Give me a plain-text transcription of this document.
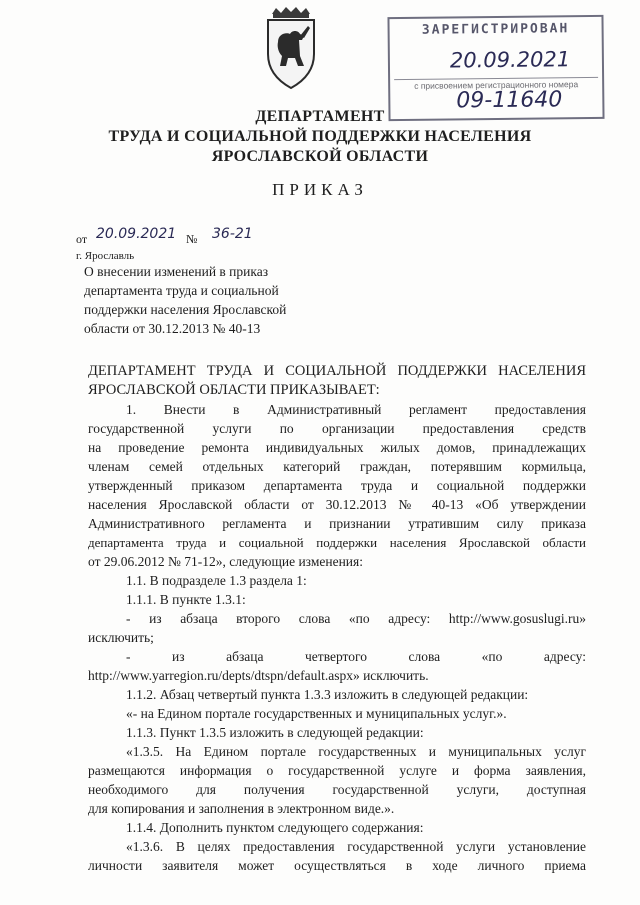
ЗАРЕГИСТРИРОВАН
20.09.2021
с присвоением регистрационного номера
09-11640
ДЕПАРТАМЕНТ
ТРУДА И СОЦИАЛЬНОЙ ПОДДЕРЖКИ НАСЕЛЕНИЯ
ЯРОСЛАВСКОЙ ОБЛАСТИ
ПРИКАЗ
от 20.09.2021 № 36-21
г. Ярославль
О внесении изменений в приказ
департамента труда и социальной
поддержки населения Ярославской
области от 30.12.2013 № 40-13
ДЕПАРТАМЕНТ ТРУДА И СОЦИАЛЬНОЙ ПОДДЕРЖКИ НАСЕЛЕНИЯ
ЯРОСЛАВСКОЙ ОБЛАСТИ ПРИКАЗЫВАЕТ:
1. Внести в Административный регламент предоставления
государственной услуги по организации предоставления средств
на проведение ремонта индивидуальных жилых домов, принадлежащих
членам семей отдельных категорий граждан, потерявшим кормильца,
утвержденный приказом департамента труда и социальной поддержки
населения Ярославской области от 30.12.2013 № 40-13 «Об утверждении
Административного регламента и признании утратившим силу приказа
департамента труда и социальной поддержки населения Ярославской области
от 29.06.2012 № 71-12», следующие изменения:
1.1. В подразделе 1.3 раздела 1:
1.1.1. В пункте 1.3.1:
- из абзаца второго слова «по адресу: http://www.gosuslugi.ru»
исключить;
- из абзаца четвертого слова «по адресу:
http://www.yarregion.ru/depts/dtspn/default.aspx» исключить.
1.1.2. Абзац четвертый пункта 1.3.3 изложить в следующей редакции:
«- на Едином портале государственных и муниципальных услуг.».
1.1.3. Пункт 1.3.5 изложить в следующей редакции:
«1.3.5. На Едином портале государственных и муниципальных услуг
размещаются информация о государственной услуге и форма заявления,
необходимого для получения государственной услуги, доступная
для копирования и заполнения в электронном виде.».
1.1.4. Дополнить пунктом следующего содержания:
«1.3.6. В целях предоставления государственной услуги установление
личности заявителя может осуществляться в ходе личного приема
